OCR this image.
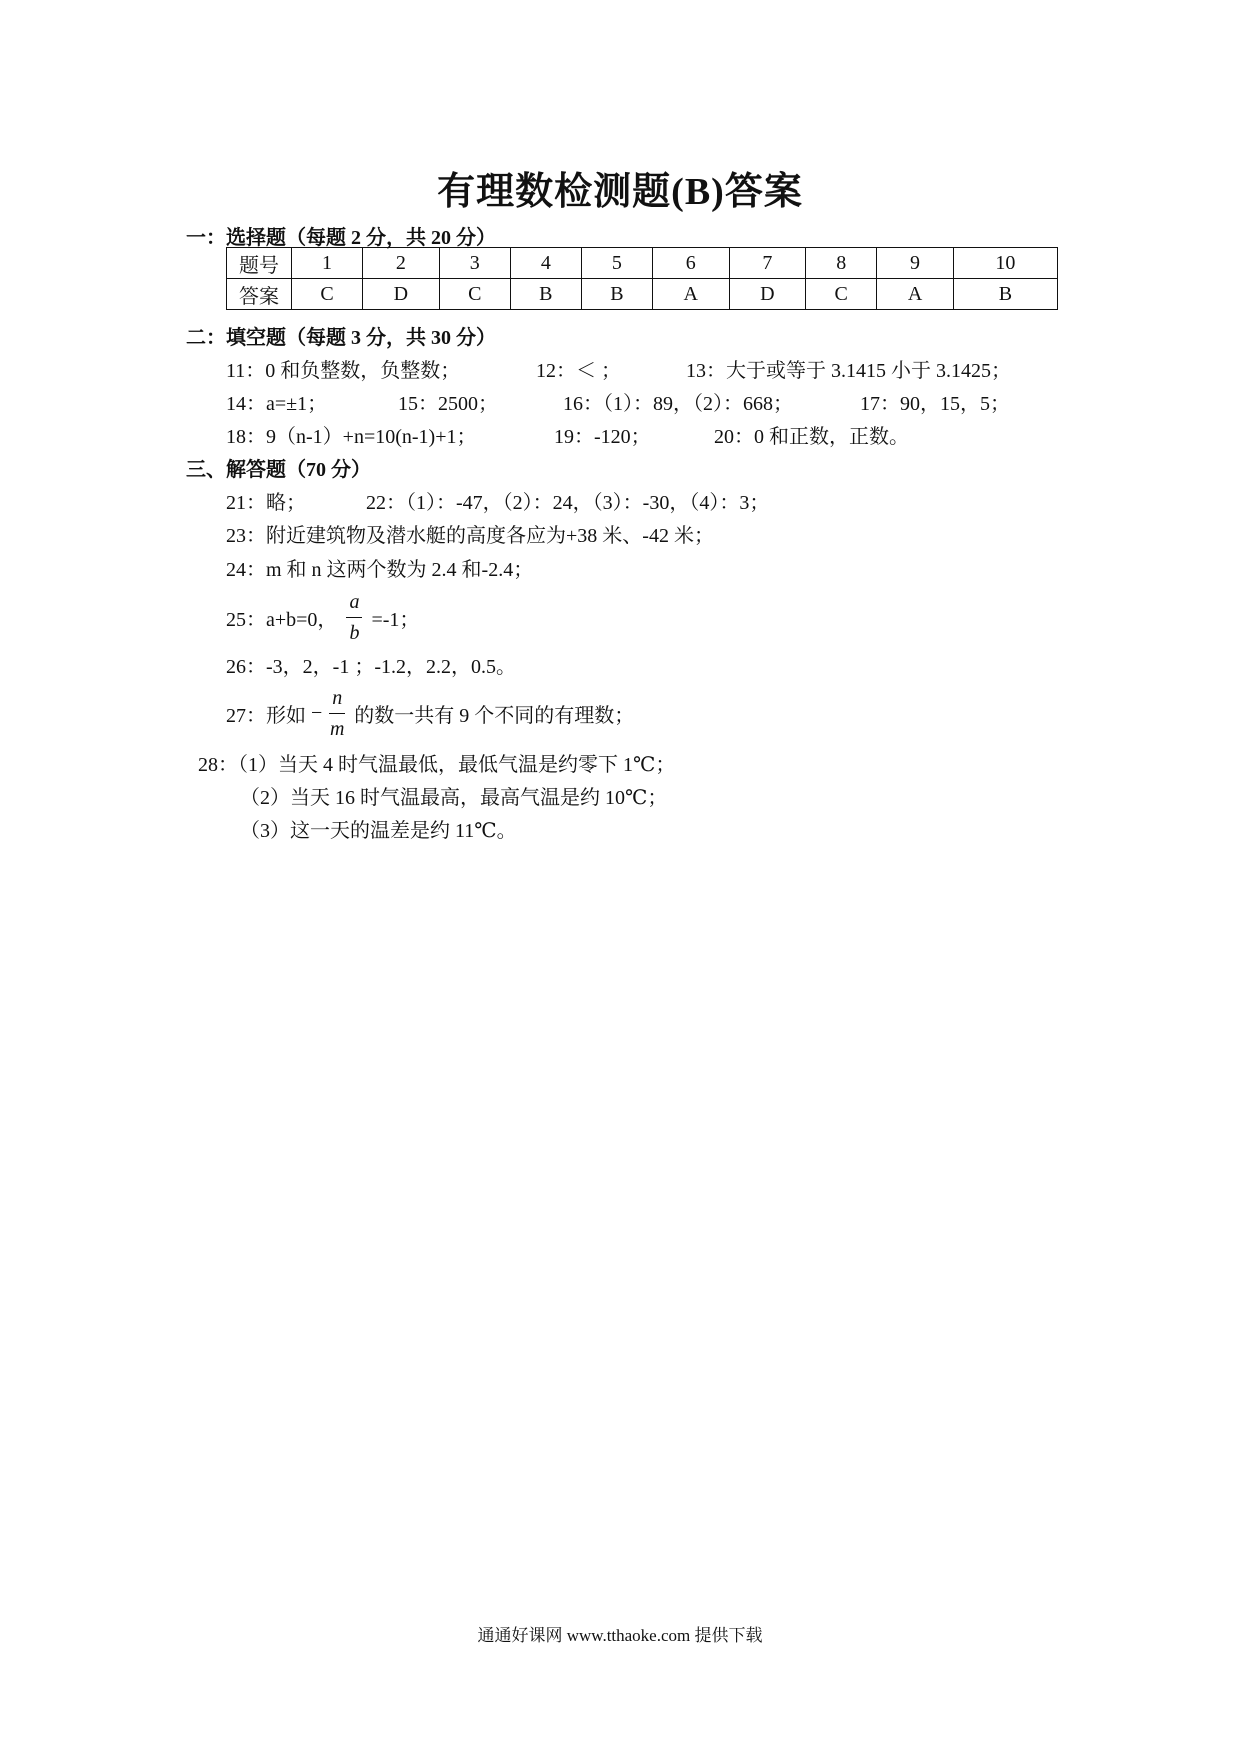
有理数检测题(B)答案
一：选择题（每题 2 分，共 20 分）
题号	1	2	3	4	5	6	7	8	9	10
答案	C	D	C	B	B	A	D	C	A	B
二：填空题（每题 3 分，共 30 分）
11：0 和负整数，负整数；	12：＜ ；	13：大于或等于 3.1415 小于 3.1425；
14：a=±1；	15：2500；	16：（1）：89，（2）：668；	17：90，15，5；
18：9（n-1）+n=10(n-1)+1；	19：-120；	20：0 和正数，正数。
三、解答题（70 分）
21：略；	22：（1）：-47，（2）：24，（3）：-30，（4）：3；
23：附近建筑物及潜水艇的高度各应为+38 米、-42 米；
24：m 和 n 这两个数为 2.4 和-2.4；
25：a+b=0， $\frac{a}{b} =-1$；
26：-3，2，-1 ；-1.2，2.2，0.5。
27：形如 − $\frac{n}{m}$ 的数一共有 9 个不同的有理数；
28：（1）当天 4 时气温最低，最低气温是约零下 1℃；
（2）当天 16 时气温最高，最高气温是约 10℃；
（3）这一天的温差是约 11℃。
通通好课网 www.tthaoke.com 提供下载
